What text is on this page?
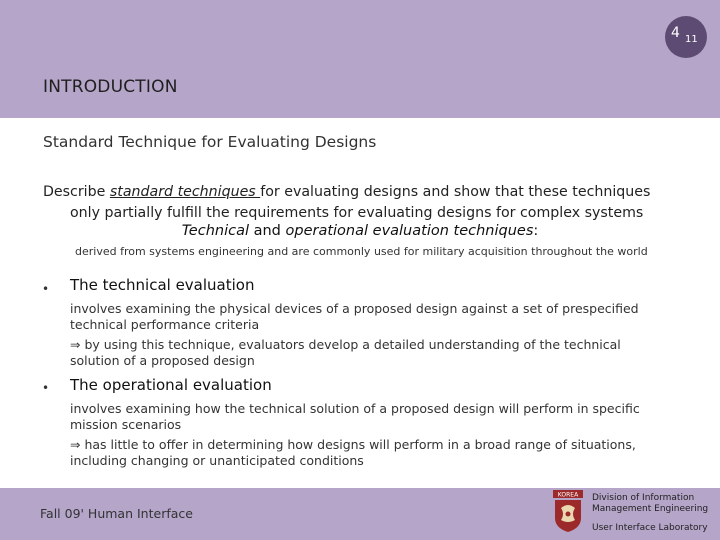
4 11
INTRODUCTION
Standard Technique for Evaluating Designs
Describe standard techniques for evaluating designs and show that these techniques
only partially fulfill the requirements for evaluating designs for complex systems
Technical and operational evaluation techniques:
derived from systems engineering and are commonly used for military acquisition throughout the world
• The technical evaluation

involves examining the physical devices of a proposed design against a set of prespecified technical performance criteria

⇒ by using this technique, evaluators develop a detailed understanding of the technical solution of a proposed design

• The operational evaluation

involves examining how the technical solution of a proposed design will perform in specific mission scenarios

⇒ has little to offer in determining how designs will perform in a broad range of situations, including changing or unanticipated conditions

Fall 09' Human Interface
KOREA Division of Information
Management Engineering
User Interface Laboratory
